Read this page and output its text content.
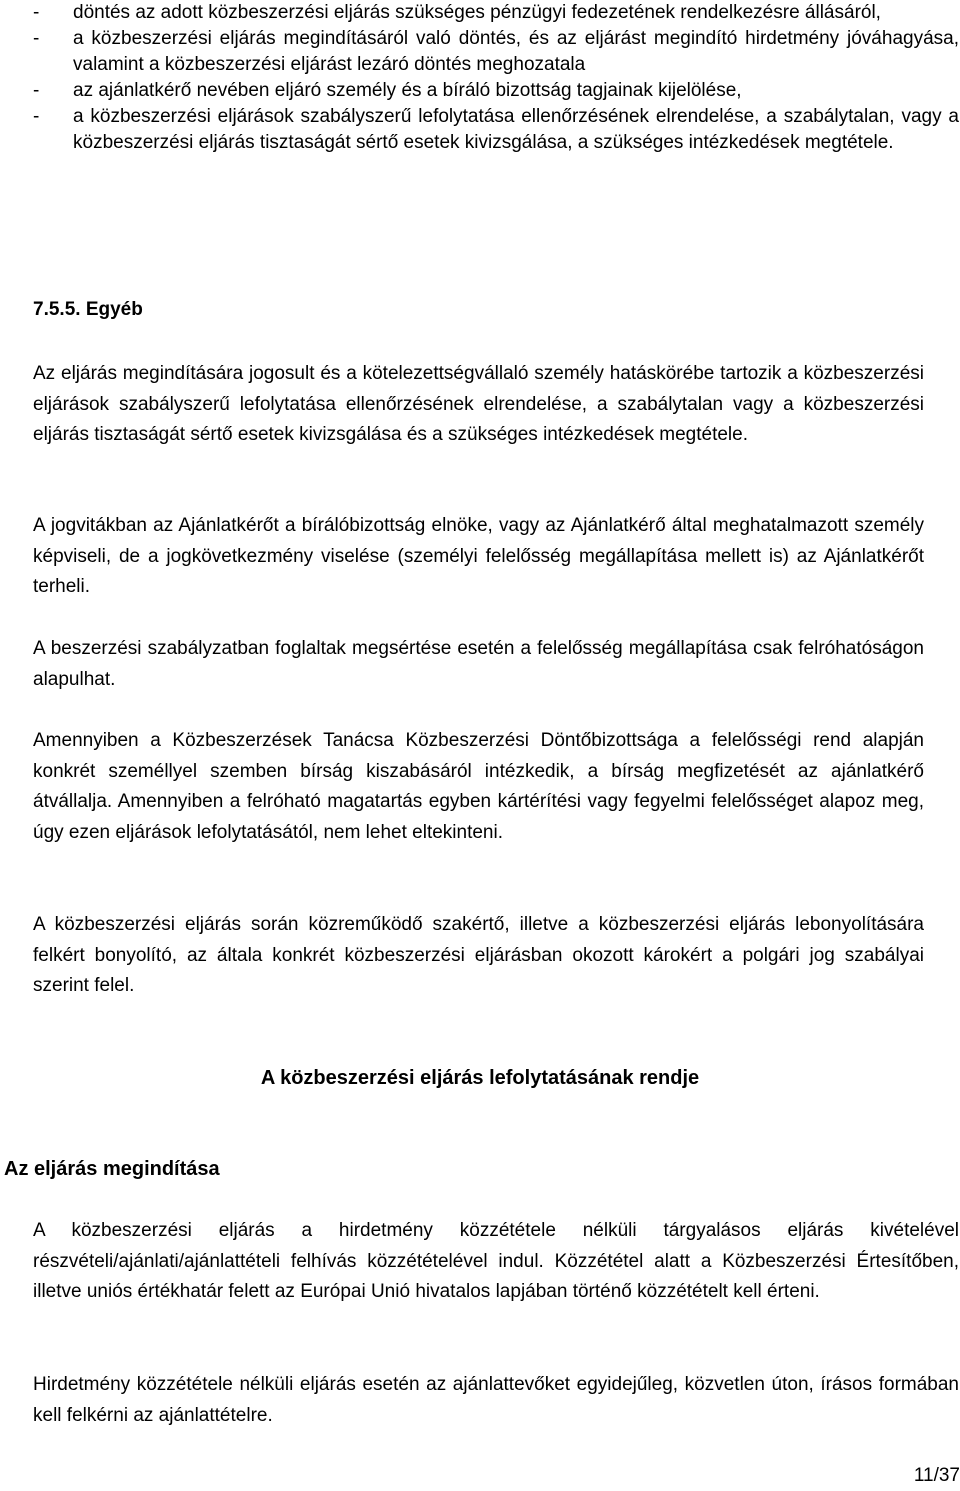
- döntés az adott közbeszerzési eljárás szükséges pénzügyi fedezetének rendelkezésre állásáról,
- a közbeszerzési eljárás megindításáról való döntés, és az eljárást megindító hirdetmény jóváhagyása, valamint a közbeszerzési eljárást lezáró döntés meghozatala
- az ajánlatkérő nevében eljáró személy és a bíráló bizottság tagjainak kijelölése,
- a közbeszerzési eljárások szabályszerű lefolytatása ellenőrzésének elrendelése, a szabálytalan, vagy a közbeszerzési eljárás tisztaságát sértő esetek kivizsgálása, a szükséges intézkedések megtétele.

7.5.5. Egyéb

Az eljárás megindítására jogosult és a kötelezettségvállaló személy hatáskörébe tartozik a közbeszerzési eljárások szabályszerű lefolytatása ellenőrzésének elrendelése, a szabálytalan vagy a közbeszerzési eljárás tisztaságát sértő esetek kivizsgálása és a szükséges intézkedések megtétele.

A jogvitákban az Ajánlatkérőt a bírálóbizottság elnöke, vagy az Ajánlatkérő által meghatalmazott személy képviseli, de a jogkövetkezmény viselése (személyi felelősség megállapítása mellett is) az Ajánlatkérőt terheli.

A beszerzési szabályzatban foglaltak megsértése esetén a felelősség megállapítása csak felróhatóságon alapulhat.

Amennyiben a Közbeszerzések Tanácsa Közbeszerzési Döntőbizottsága a felelősségi rend alapján konkrét személlyel szemben bírság kiszabásáról intézkedik, a bírság megfizetését az ajánlatkérő átvállalja. Amennyiben a felróható magatartás egyben kártérítési vagy fegyelmi felelősséget alapoz meg, úgy ezen eljárások lefolytatásától, nem lehet eltekinteni.

A közbeszerzési eljárás során közreműködő szakértő, illetve a közbeszerzési eljárás lebonyolítására felkért bonyolító, az általa konkrét közbeszerzési eljárásban okozott károkért a polgári jog szabályai szerint felel.

A közbeszerzési eljárás lefolytatásának rendje
Az eljárás megindítása

A közbeszerzési eljárás a hirdetmény közzététele nélküli tárgyalásos eljárás kivételével részvételi/ajánlati/ajánlattételi felhívás közzétételével indul. Közzététel alatt a Közbeszerzési Értesítőben, illetve uniós értékhatár felett az Európai Unió hivatalos lapjában történő közzétételt kell érteni.

Hirdetmény közzététele nélküli eljárás esetén az ajánlattevőket egyidejűleg, közvetlen úton, írásos formában kell felkérni az ajánlattételre.

11/37
